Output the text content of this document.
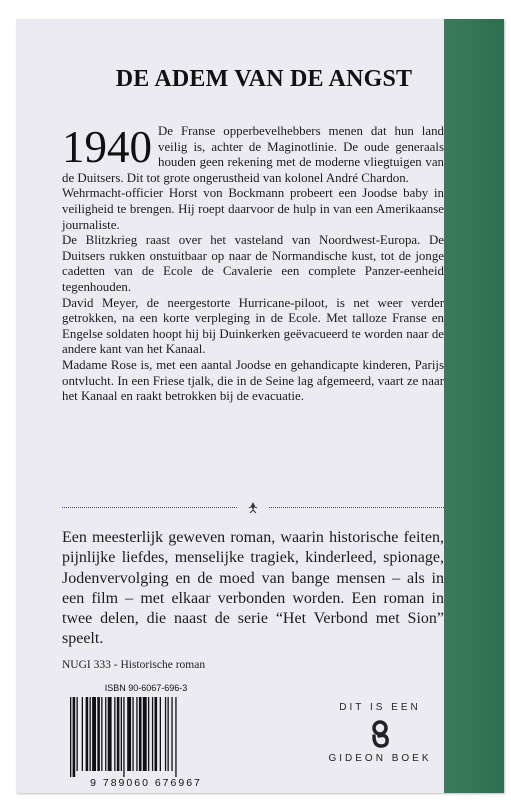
DE ADEM VAN DE ANGST

1940 De Franse opperbevelhebbers menen dat hun land veilig is, achter de Maginotlinie. De oude generaals houden geen rekening met de moderne vliegtuigen van de Duitsers. Dit tot grote ongerustheid van kolonel André Chardon.

Wehrmacht-officier Horst von Bockmann probeert een Joodse baby in veiligheid te brengen. Hij roept daarvoor de hulp in van een Amerikaanse journaliste.

De Blitzkrieg raast over het vasteland van Noordwest-Europa. De Duitsers rukken onstuitbaar op naar de Normandische kust, tot de jonge cadetten van de Ecole de Cavalerie een complete Panzer-eenheid tegenhouden.

David Meyer, de neergestorte Hurricane-piloot, is net weer verder getrokken, na een korte verpleging in de Ecole. Met talloze Franse en Engelse soldaten hoopt hij bij Duinkerken geëvacueerd te worden naar de andere kant van het Kanaal.

Madame Rose is, met een aantal Joodse en gehandicapte kinderen, Parijs ontvlucht. In een Friese tjalk, die in de Seine lag afgemeerd, vaart ze naar het Kanaal en raakt betrokken bij de evacuatie.

Een meesterlijk geweven roman, waarin historische feiten, pijnlijke liefdes, menselijke tragiek, kinderleed, spionage, Jodenvervolging en de moed van bange mensen – als in een film – met elkaar verbonden worden. Een roman in twee delen, die naast de serie “Het Verbond met Sion” speelt.

NUGI 333 - Historische roman
ISBN 90-6067-696-3
9 789060 676967
DIT IS EEN
GIDEON BOEK
